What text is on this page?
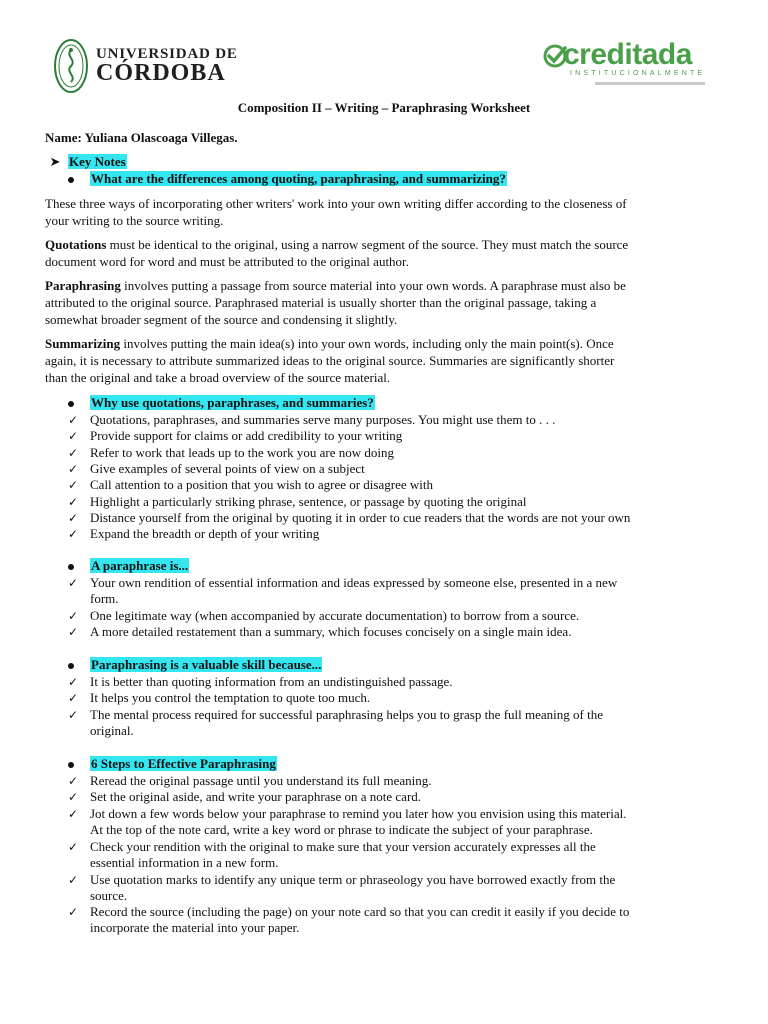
UNIVERSIDAD DE
CÓRDOBA
creditada
INSTITUCIONALMENTE
Composition II – Writing – Paraphrasing Worksheet
Name: Yuliana Olascoaga Villegas.
➤ Key Notes
What are the differences among quoting, paraphrasing, and summarizing?
These three ways of incorporating other writers' work into your own writing differ according to the closeness of
your writing to the source writing.
Quotations must be identical to the original, using a narrow segment of the source. They must match the source
document word for word and must be attributed to the original author.
Paraphrasing involves putting a passage from source material into your own words. A paraphrase must also be
attributed to the original source. Paraphrased material is usually shorter than the original passage, taking a
somewhat broader segment of the source and condensing it slightly.
Summarizing involves putting the main idea(s) into your own words, including only the main point(s). Once
again, it is necessary to attribute summarized ideas to the original source. Summaries are significantly shorter
than the original and take a broad overview of the source material.
Why use quotations, paraphrases, and summaries?
✓ Quotations, paraphrases, and summaries serve many purposes. You might use them to . . .
✓ Provide support for claims or add credibility to your writing
✓ Refer to work that leads up to the work you are now doing
✓ Give examples of several points of view on a subject
✓ Call attention to a position that you wish to agree or disagree with
✓ Highlight a particularly striking phrase, sentence, or passage by quoting the original
✓ Distance yourself from the original by quoting it in order to cue readers that the words are not your own
✓ Expand the breadth or depth of your writing
A paraphrase is...
✓ Your own rendition of essential information and ideas expressed by someone else, presented in a new
form.
✓ One legitimate way (when accompanied by accurate documentation) to borrow from a source.
✓ A more detailed restatement than a summary, which focuses concisely on a single main idea.
Paraphrasing is a valuable skill because...
✓ It is better than quoting information from an undistinguished passage.
✓ It helps you control the temptation to quote too much.
✓ The mental process required for successful paraphrasing helps you to grasp the full meaning of the
original.
6 Steps to Effective Paraphrasing
✓ Reread the original passage until you understand its full meaning.
✓ Set the original aside, and write your paraphrase on a note card.
✓ Jot down a few words below your paraphrase to remind you later how you envision using this material.
At the top of the note card, write a key word or phrase to indicate the subject of your paraphrase.
✓ Check your rendition with the original to make sure that your version accurately expresses all the
essential information in a new form.
✓ Use quotation marks to identify any unique term or phraseology you have borrowed exactly from the
source.
✓ Record the source (including the page) on your note card so that you can credit it easily if you decide to
incorporate the material into your paper.
